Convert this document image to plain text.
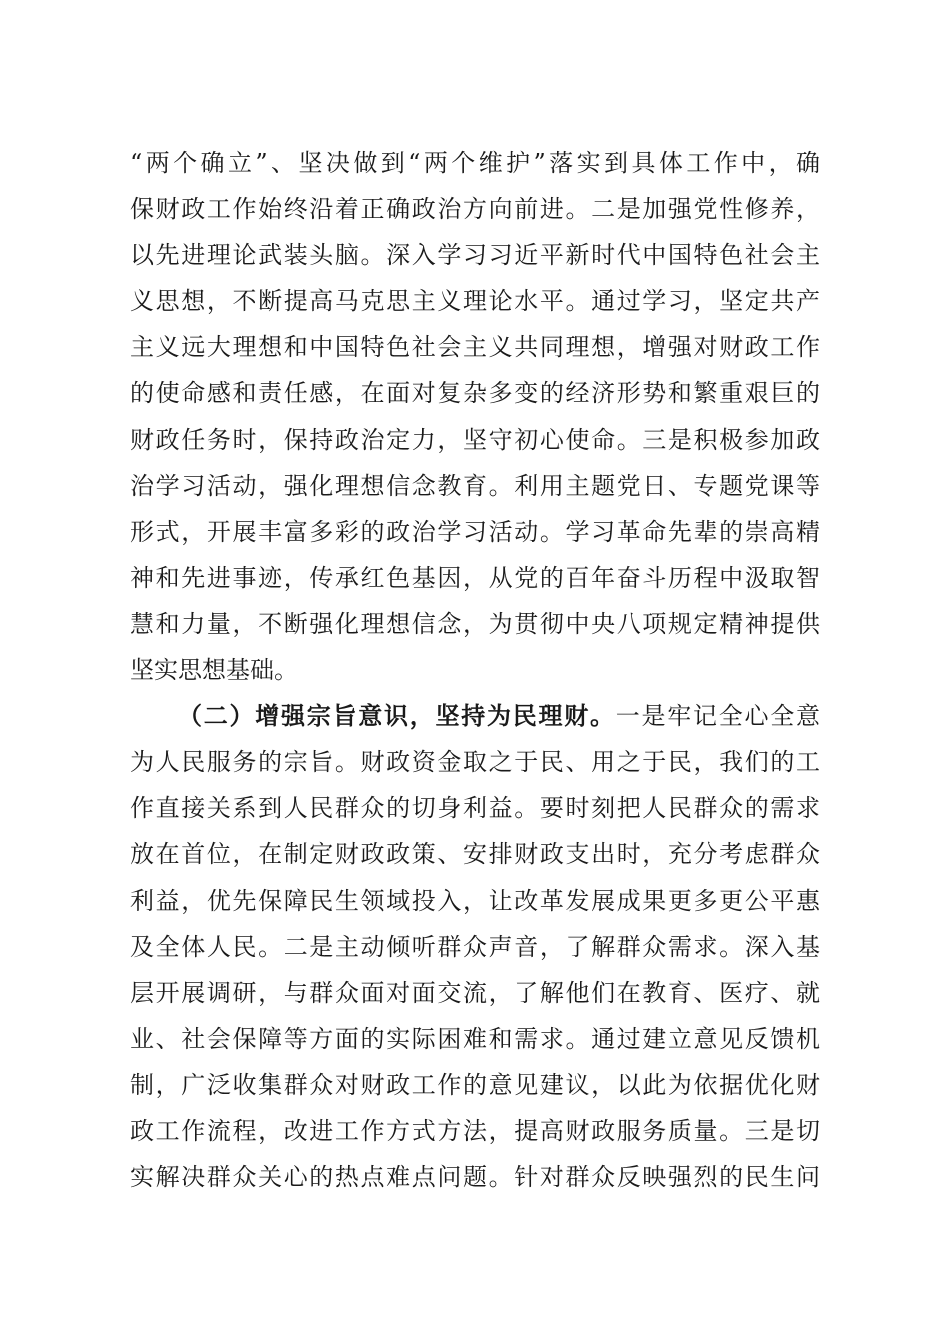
“两个确立”、坚决做到“两个维护”落实到具体工作中，确
保财政工作始终沿着正确政治方向前进。二是加强党性修养，
以先进理论武装头脑。深入学习习近平新时代中国特色社会主
义思想，不断提高马克思主义理论水平。通过学习，坚定共产
主义远大理想和中国特色社会主义共同理想，增强对财政工作
的使命感和责任感，在面对复杂多变的经济形势和繁重艰巨的
财政任务时，保持政治定力，坚守初心使命。三是积极参加政
治学习活动，强化理想信念教育。利用主题党日、专题党课等
形式，开展丰富多彩的政治学习活动。学习革命先辈的崇高精
神和先进事迹，传承红色基因，从党的百年奋斗历程中汲取智
慧和力量，不断强化理想信念，为贯彻中央八项规定精神提供
坚实思想基础。
（二）增强宗旨意识，坚持为民理财。一是牢记全心全意
为人民服务的宗旨。财政资金取之于民、用之于民，我们的工
作直接关系到人民群众的切身利益。要时刻把人民群众的需求
放在首位，在制定财政政策、安排财政支出时，充分考虑群众
利益，优先保障民生领域投入，让改革发展成果更多更公平惠
及全体人民。二是主动倾听群众声音，了解群众需求。深入基
层开展调研，与群众面对面交流，了解他们在教育、医疗、就
业、社会保障等方面的实际困难和需求。通过建立意见反馈机
制，广泛收集群众对财政工作的意见建议，以此为依据优化财
政工作流程，改进工作方式方法，提高财政服务质量。三是切
实解决群众关心的热点难点问题。针对群众反映强烈的民生问
